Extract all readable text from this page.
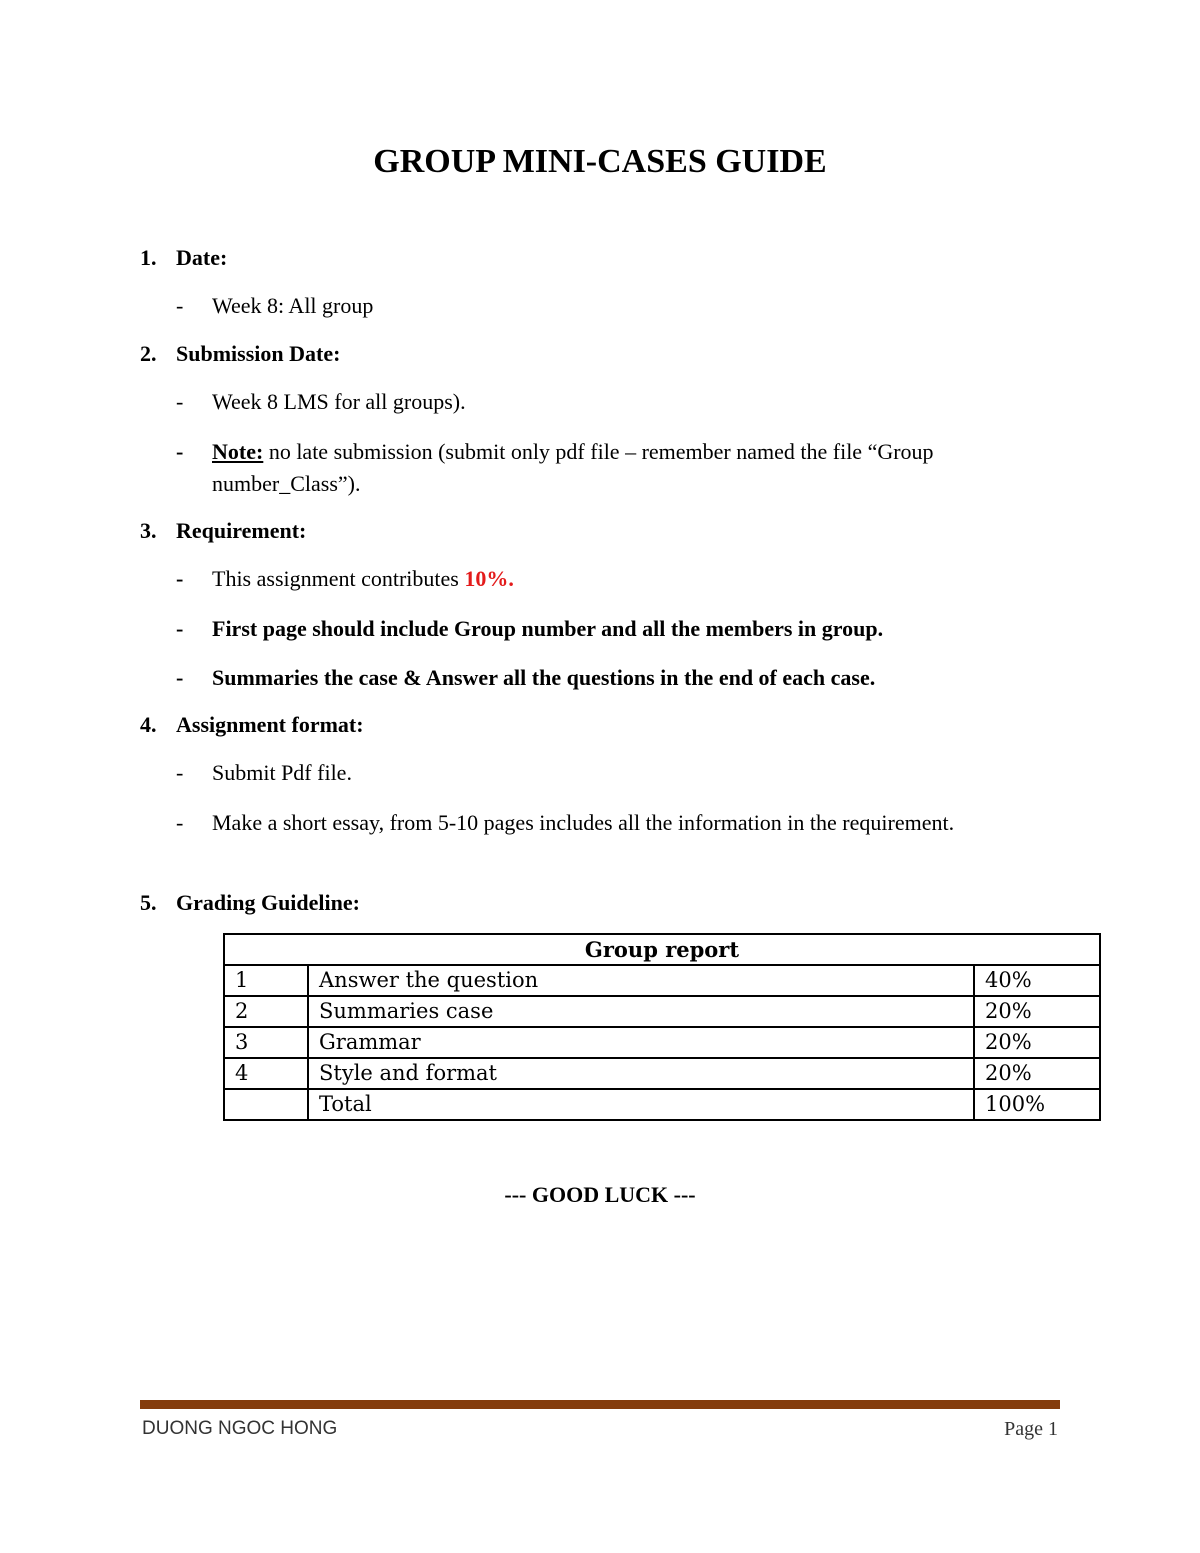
GROUP MINI-CASES GUIDE
1. Date:
- Week 8: All group
2. Submission Date:
- Week 8 LMS for all groups).
- Note: no late submission (submit only pdf file – remember named the file “Group number_Class”).
3. Requirement:
- This assignment contributes 10%.
- First page should include Group number and all the members in group.
- Summaries the case & Answer all the questions in the end of each case.
4. Assignment format:
- Submit Pdf file.
- Make a short essay, from 5-10 pages includes all the information in the requirement.
5. Grading Guideline:
Group report		
1	Answer the question	40%
2	Summaries case	20%
3	Grammar	20%
4	Style and format	20%
	Total	100%
--- GOOD LUCK ---
DUONG NGOC HONG	Page 1
